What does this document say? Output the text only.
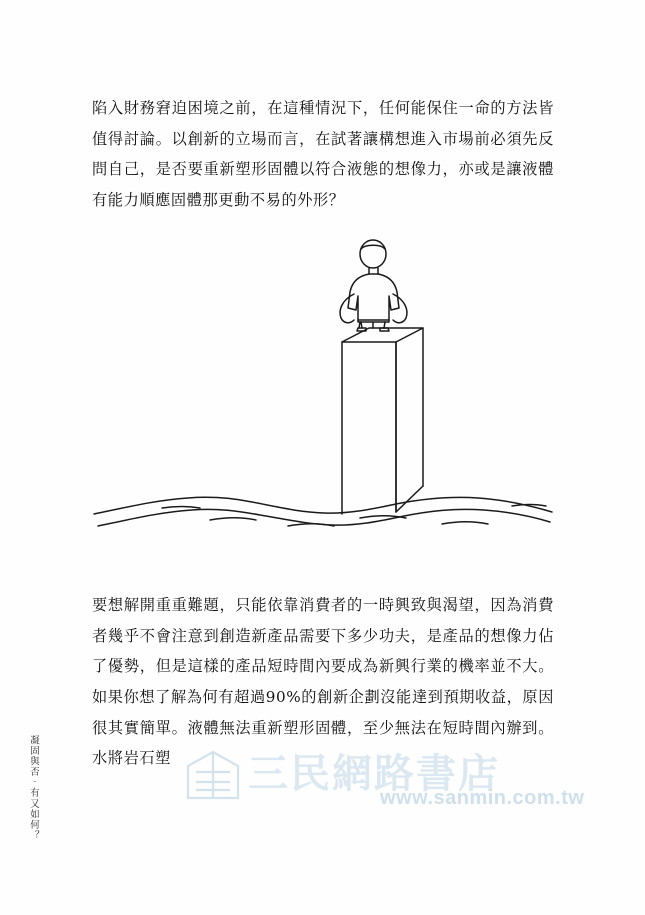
陷入財務窘迫困境之前，在這種情況下，任何能保住一命的方法皆值得討論。以創新的立場而言，在試著讓構想進入市場前必須先反問自己，是否要重新塑形固體以符合液態的想像力，亦或是讓液體有能力順應固體那更動不易的外形？

要想解開重重難題，只能依靠消費者的一時興致與渴望，因為消費者幾乎不會注意到創造新產品需要下多少功夫，是產品的想像力佔了優勢，但是這樣的產品短時間內要成為新興行業的機率並不大。如果你想了解為何有超過90%的創新企劃沒能達到預期收益，原因很其實簡單。液體無法重新塑形固體，至少無法在短時間內辦到。水將岩石塑

凝固與否‧有又如何？	三民網路書店
www.sanmin.com.tw
